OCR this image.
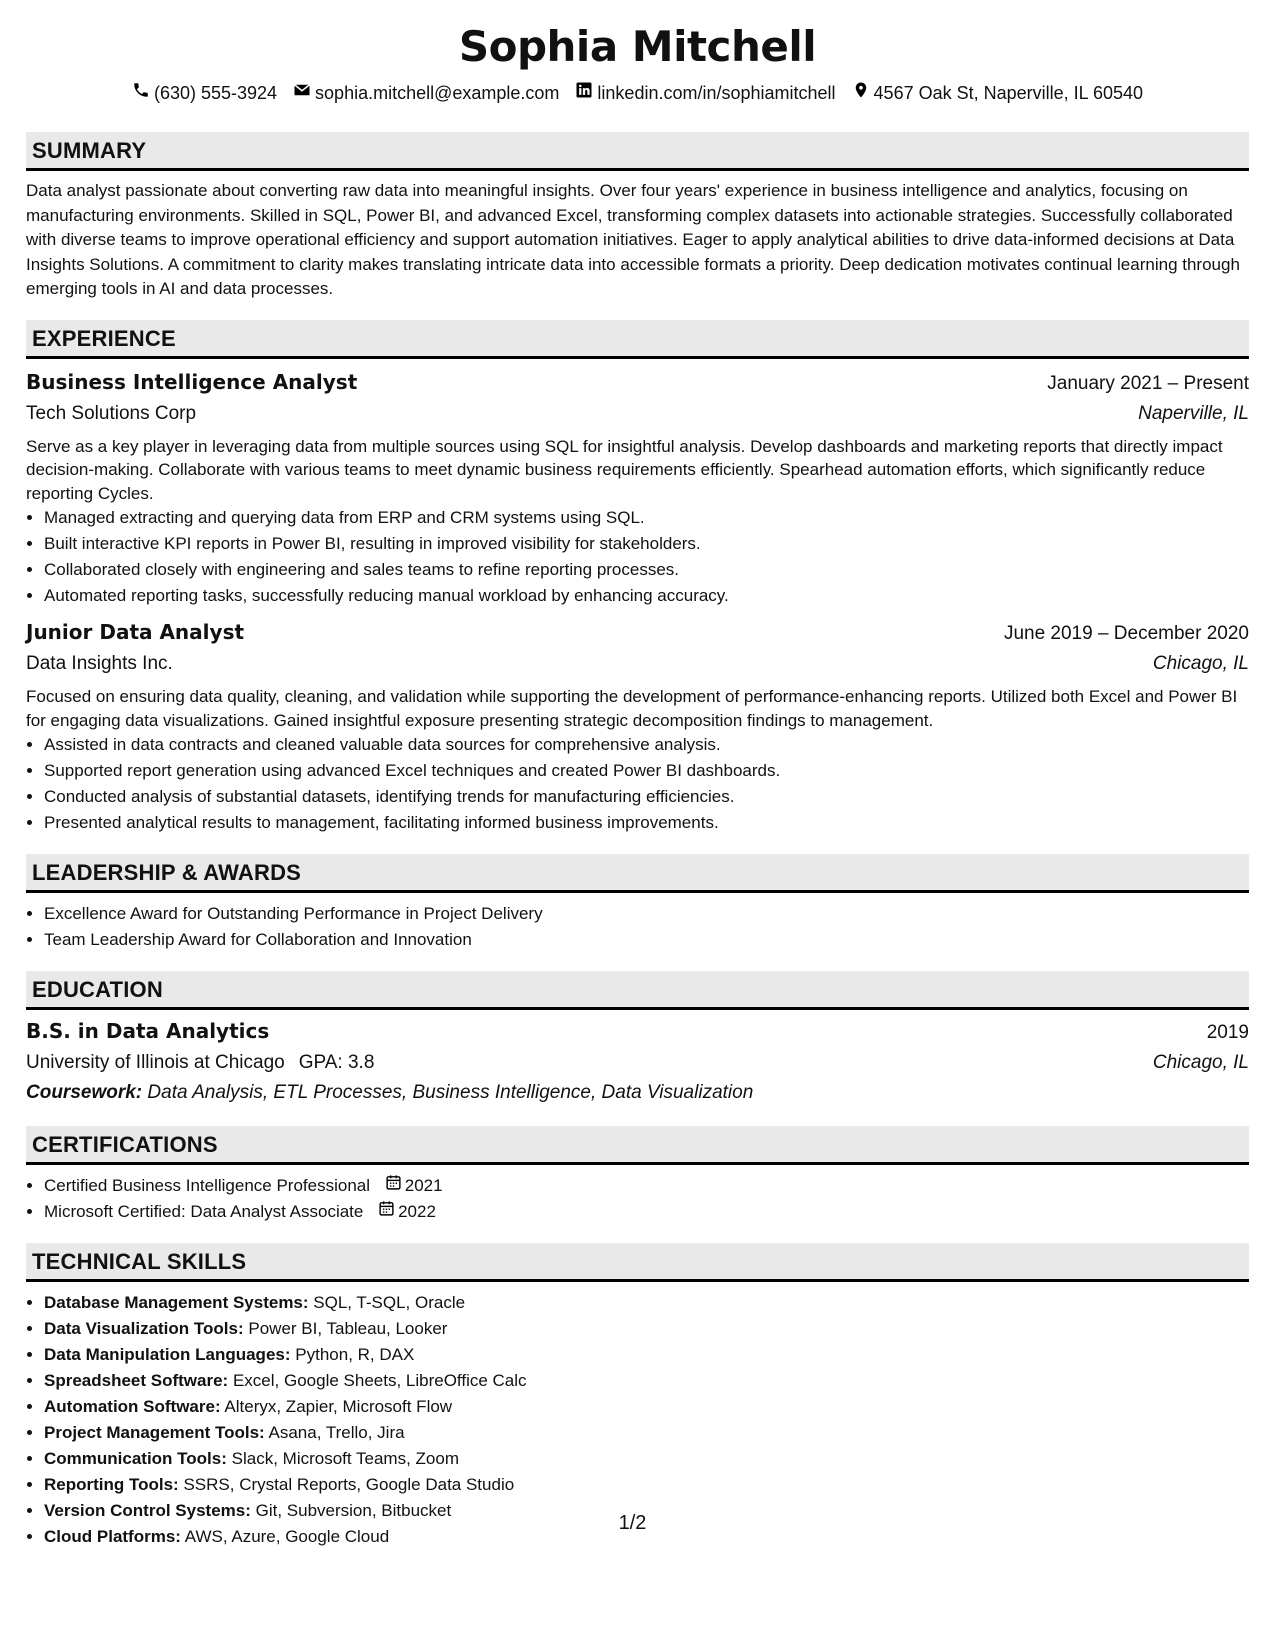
Sophia Mitchell
(630) 555-3924 sophia.mitchell@example.com linkedin.com/in/sophiamitchell 4567 Oak St, Naperville, IL 60540
SUMMARY
Data analyst passionate about converting raw data into meaningful insights. Over four years' experience in business intelligence and analytics, focusing on manufacturing environments. Skilled in SQL, Power BI, and advanced Excel, transforming complex datasets into actionable strategies. Successfully collaborated with diverse teams to improve operational efficiency and support automation initiatives. Eager to apply analytical abilities to drive data-informed decisions at Data Insights Solutions. A commitment to clarity makes translating intricate data into accessible formats a priority. Deep dedication motivates continual learning through emerging tools in AI and data processes.
EXPERIENCE
Business Intelligence Analyst	January 2021 – Present
Tech Solutions Corp	Naperville, IL
Serve as a key player in leveraging data from multiple sources using SQL for insightful analysis. Develop dashboards and marketing reports that directly impact decision-making. Collaborate with various teams to meet dynamic business requirements efficiently. Spearhead automation efforts, which significantly reduce reporting Cycles.
• Managed extracting and querying data from ERP and CRM systems using SQL.
• Built interactive KPI reports in Power BI, resulting in improved visibility for stakeholders.
• Collaborated closely with engineering and sales teams to refine reporting processes.
• Automated reporting tasks, successfully reducing manual workload by enhancing accuracy.
Junior Data Analyst	June 2019 – December 2020
Data Insights Inc.	Chicago, IL
Focused on ensuring data quality, cleaning, and validation while supporting the development of performance-enhancing reports. Utilized both Excel and Power BI for engaging data visualizations. Gained insightful exposure presenting strategic decomposition findings to management.
• Assisted in data contracts and cleaned valuable data sources for comprehensive analysis.
• Supported report generation using advanced Excel techniques and created Power BI dashboards.
• Conducted analysis of substantial datasets, identifying trends for manufacturing efficiencies.
• Presented analytical results to management, facilitating informed business improvements.
LEADERSHIP & AWARDS
• Excellence Award for Outstanding Performance in Project Delivery
• Team Leadership Award for Collaboration and Innovation
EDUCATION
B.S. in Data Analytics	2019
University of Illinois at Chicago GPA: 3.8	Chicago, IL
Coursework: Data Analysis, ETL Processes, Business Intelligence, Data Visualization
CERTIFICATIONS
• Certified Business Intelligence Professional 2021
• Microsoft Certified: Data Analyst Associate 2022
TECHNICAL SKILLS
• Database Management Systems: SQL, T-SQL, Oracle
• Data Visualization Tools: Power BI, Tableau, Looker
• Data Manipulation Languages: Python, R, DAX
• Spreadsheet Software: Excel, Google Sheets, LibreOffice Calc
• Automation Software: Alteryx, Zapier, Microsoft Flow
• Project Management Tools: Asana, Trello, Jira
• Communication Tools: Slack, Microsoft Teams, Zoom
• Reporting Tools: SSRS, Crystal Reports, Google Data Studio
• Version Control Systems: Git, Subversion, Bitbucket
• Cloud Platforms: AWS, Azure, Google Cloud
1/2
